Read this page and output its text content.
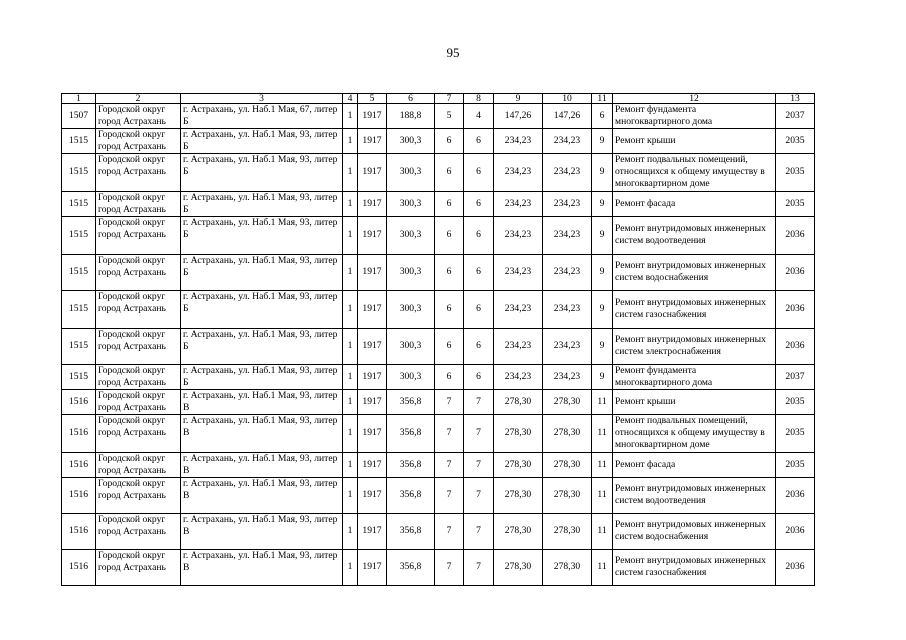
95
1	2	3	4	5	6	7	8	9	10	11	12	13
1507	Городской округ город Астрахань	г. Астрахань, ул. Наб.1 Мая, 67, литер Б	1	1917	188,8	5	4	147,26	147,26	6	Ремонт фундамента многоквартирного дома	2037
1515	Городской округ город Астрахань	г. Астрахань, ул. Наб.1 Мая, 93, литер Б	1	1917	300,3	6	6	234,23	234,23	9	Ремонт крыши	2035
1515	Городской округ город Астрахань	г. Астрахань, ул. Наб.1 Мая, 93, литер Б	1	1917	300,3	6	6	234,23	234,23	9	Ремонт подвальных помещений, относящихся к общему имуществу в многоквартирном доме	2035
1515	Городской округ город Астрахань	г. Астрахань, ул. Наб.1 Мая, 93, литер Б	1	1917	300,3	6	6	234,23	234,23	9	Ремонт фасада	2035
1515	Городской округ город Астрахань	г. Астрахань, ул. Наб.1 Мая, 93, литер Б	1	1917	300,3	6	6	234,23	234,23	9	Ремонт внутридомовых инженерных систем водоотведения	2036
1515	Городской округ город Астрахань	г. Астрахань, ул. Наб.1 Мая, 93, литер Б	1	1917	300,3	6	6	234,23	234,23	9	Ремонт внутридомовых инженерных систем водоснабжения	2036
1515	Городской округ город Астрахань	г. Астрахань, ул. Наб.1 Мая, 93, литер Б	1	1917	300,3	6	6	234,23	234,23	9	Ремонт внутридомовых инженерных систем газоснабжения	2036
1515	Городской округ город Астрахань	г. Астрахань, ул. Наб.1 Мая, 93, литер Б	1	1917	300,3	6	6	234,23	234,23	9	Ремонт внутридомовых инженерных систем электроснабжения	2036
1515	Городской округ город Астрахань	г. Астрахань, ул. Наб.1 Мая, 93, литер Б	1	1917	300,3	6	6	234,23	234,23	9	Ремонт фундамента многоквартирного дома	2037
1516	Городской округ город Астрахань	г. Астрахань, ул. Наб.1 Мая, 93, литер В	1	1917	356,8	7	7	278,30	278,30	11	Ремонт крыши	2035
1516	Городской округ город Астрахань	г. Астрахань, ул. Наб.1 Мая, 93, литер В	1	1917	356,8	7	7	278,30	278,30	11	Ремонт подвальных помещений, относящихся к общему имуществу в многоквартирном доме	2035
1516	Городской округ город Астрахань	г. Астрахань, ул. Наб.1 Мая, 93, литер В	1	1917	356,8	7	7	278,30	278,30	11	Ремонт фасада	2035
1516	Городской округ город Астрахань	г. Астрахань, ул. Наб.1 Мая, 93, литер В	1	1917	356,8	7	7	278,30	278,30	11	Ремонт внутридомовых инженерных систем водоотведения	2036
1516	Городской округ город Астрахань	г. Астрахань, ул. Наб.1 Мая, 93, литер В	1	1917	356,8	7	7	278,30	278,30	11	Ремонт внутридомовых инженерных систем водоснабжения	2036
1516	Городской округ город Астрахань	г. Астрахань, ул. Наб.1 Мая, 93, литер В	1	1917	356,8	7	7	278,30	278,30	11	Ремонт внутридомовых инженерных систем газоснабжения	2036
